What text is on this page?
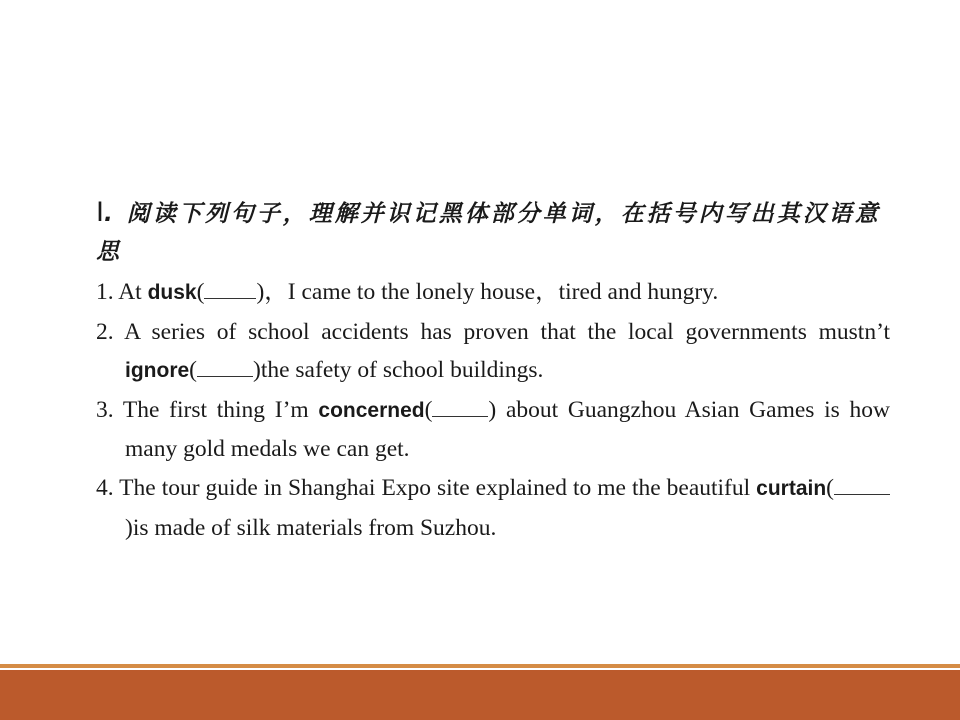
Ⅰ. 阅读下列句子，理解并识记黑体部分单词，在括号内写出其汉语意思

1. At dusk( )，I came to the lonely house，tired and hungry.
2. A series of school accidents has proven that the local governments mustn’t ignore( )the safety of school buildings.
3. The first thing I’m concerned( ) about Guangzhou Asian Games is how many gold medals we can get.
4. The tour guide in Shanghai Expo site explained to me the beautiful curtain()is made of silk materials from Suzhou.
